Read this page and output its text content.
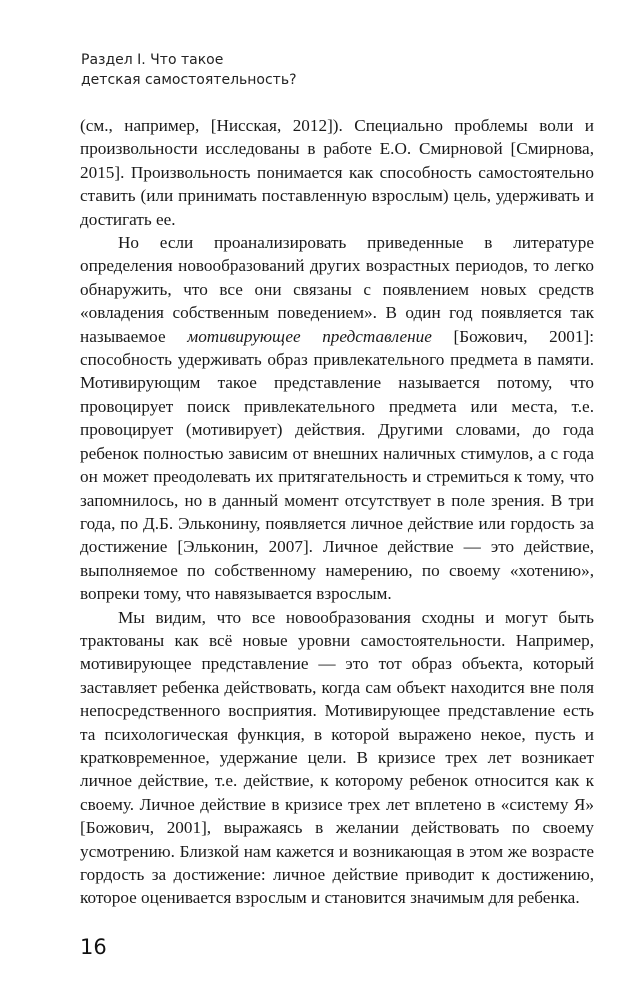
Раздел I. Что такое
детская самостоятельность?

(см., например, [Нисская, 2012]). Специально проблемы воли и произвольности исследованы в работе Е.О. Смирновой [Смирнова, 2015]. Произвольность понимается как способность самостоятельно ставить (или принимать поставленную взрослым) цель, удерживать и достигать ее.

Но если проанализировать приведенные в литературе определения новообразований других возрастных периодов, то легко обнаружить, что все они связаны с появлением новых средств «овладения собственным поведением». В один год появляется так называемое мотивирующее представление [Божович, 2001]: способность удерживать образ привлекательного предмета в памяти. Мотивирующим такое представление называется потому, что провоцирует поиск привлекательного предмета или места, т.е. провоцирует (мотивирует) действия. Другими словами, до года ребенок полностью зависим от внешних наличных стимулов, а с года он может преодолевать их притягательность и стремиться к тому, что запомнилось, но в данный момент отсутствует в поле зрения. В три года, по Д.Б. Эльконину, появляется личное действие или гордость за достижение [Эльконин, 2007]. Личное действие — это действие, выполняемое по собственному намерению, по своему «хотению», вопреки тому, что навязывается взрослым.

Мы видим, что все новообразования сходны и могут быть трактованы как всё новые уровни самостоятельности. Например, мотивирующее представление — это тот образ объекта, который заставляет ребенка действовать, когда сам объект находится вне поля непосредственного восприятия. Мотивирующее представление есть та психологическая функция, в которой выражено некое, пусть и кратковременное, удержание цели. В кризисе трех лет возникает личное действие, т.е. действие, к которому ребенок относится как к своему. Личное действие в кризисе трех лет вплетено в «систему Я» [Божович, 2001], выражаясь в желании действовать по своему усмотрению. Близкой нам кажется и возникающая в этом же возрасте гордость за достижение: личное действие приводит к достижению, которое оценивается взрослым и становится значимым для ребенка.

16
